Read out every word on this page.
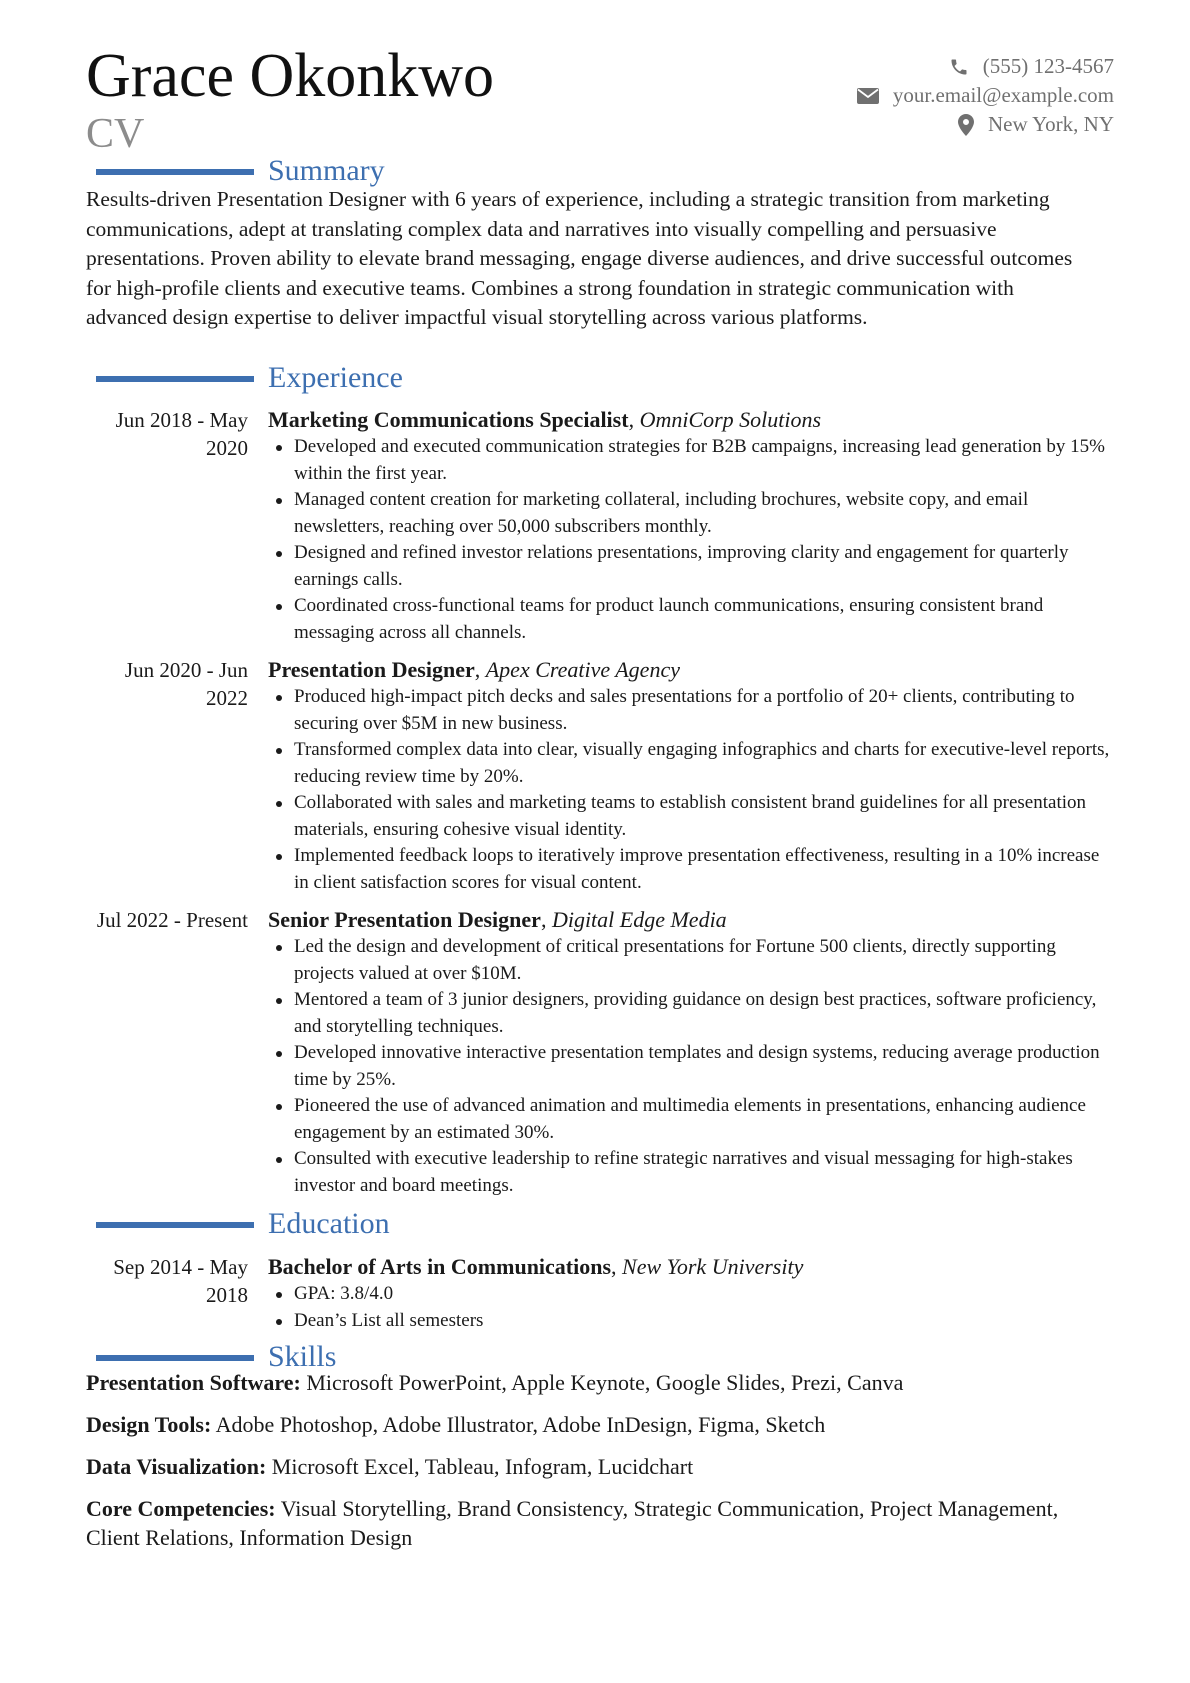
Grace Okonkwo
CV
(555) 123-4567
your.email@example.com
New York, NY
Summary

Results-driven Presentation Designer with 6 years of experience, including a strategic transition from marketing communications, adept at translating complex data and narratives into visually compelling and persuasive presentations. Proven ability to elevate brand messaging, engage diverse audiences, and drive successful outcomes for high-profile clients and executive teams. Combines a strong foundation in strategic communication with advanced design expertise to deliver impactful visual storytelling across various platforms.

Experience
Jun 2018 - May 2020

Marketing Communications Specialist, OmniCorp Solutions

Developed and executed communication strategies for B2B campaigns, increasing lead generation by 15% within the first year.
Managed content creation for marketing collateral, including brochures, website copy, and email newsletters, reaching over 50,000 subscribers monthly.
Designed and refined investor relations presentations, improving clarity and engagement for quarterly earnings calls.
Coordinated cross-functional teams for product launch communications, ensuring consistent brand messaging across all channels.
Jun 2020 - Jun 2022

Presentation Designer, Apex Creative Agency

Produced high-impact pitch decks and sales presentations for a portfolio of 20+ clients, contributing to securing over $5M in new business.
Transformed complex data into clear, visually engaging infographics and charts for executive-level reports, reducing review time by 20%.
Collaborated with sales and marketing teams to establish consistent brand guidelines for all presentation materials, ensuring cohesive visual identity.
Implemented feedback loops to iteratively improve presentation effectiveness, resulting in a 10% increase in client satisfaction scores for visual content.
Jul 2022 - Present Senior Presentation Designer, Digital Edge Media

Led the design and development of critical presentations for Fortune 500 clients, directly supporting projects valued at over $10M.
Mentored a team of 3 junior designers, providing guidance on design best practices, software proficiency, and storytelling techniques.
Developed innovative interactive presentation templates and design systems, reducing average production time by 25%.
Pioneered the use of advanced animation and multimedia elements in presentations, enhancing audience engagement by an estimated 30%.
Consulted with executive leadership to refine strategic narratives and visual messaging for high-stakes investor and board meetings.
Education
Sep 2014 - May 2018

Bachelor of Arts in Communications, New York University

GPA: 3.8/4.0
Dean’s List all semesters
Skills

Presentation Software: Microsoft PowerPoint, Apple Keynote, Google Slides, Prezi, Canva

Design Tools: Adobe Photoshop, Adobe Illustrator, Adobe InDesign, Figma, Sketch

Data Visualization: Microsoft Excel, Tableau, Infogram, Lucidchart

Core Competencies: Visual Storytelling, Brand Consistency, Strategic Communication, Project Management, Client Relations, Information Design
